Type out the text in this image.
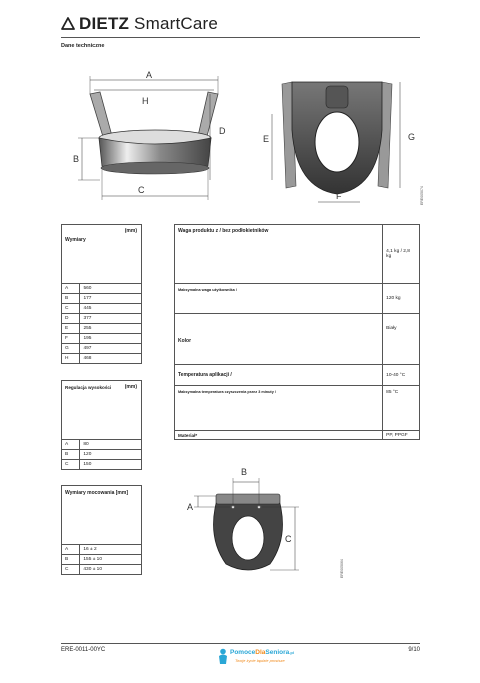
DIETZ SmartCare
Dane techniczne
A
H
D
B
C
E
F
G
ERE005074
Wymiary
(mm)	

A	560
B	177
C	445
D	377
E	255
F	195
G	497
H	468
Regulacja wysokości (mm)	

A	80
B	120
C	150
Wymiary mocowania [mm]	

A	16 ± 2
B	155 ± 10
C	430 ± 10
Waga produktu z / bez podłokietników	4,1 kg / 2,8 kg
Maksymalna waga użytkownika /	120 kg
Kolor	Biały
Temperatura aplikacji /	10-40 °C
Maksymalna temperatura czyszczenia przez 3 minuty /	85 °C
Materiał*	PP, PPGF
B
A
C
ERE005064
ERE-0011-00YC	PomoceDlaSeniora.pl
Twoje życie będzie prostsze
9/10
